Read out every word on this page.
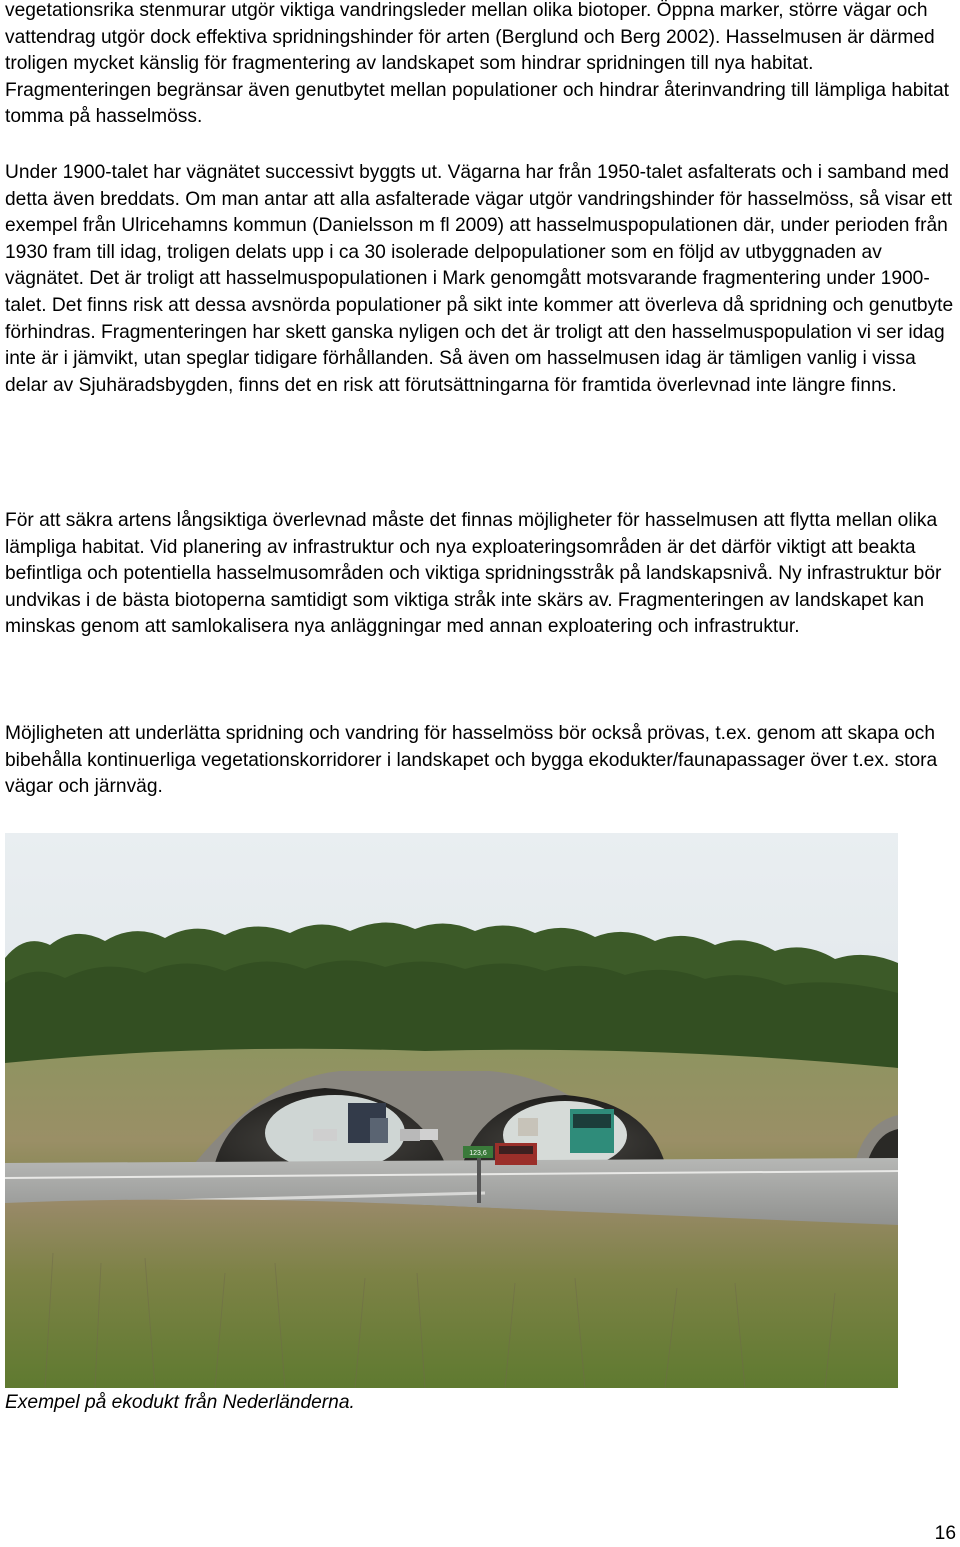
vegetationsrika stenmurar utgör viktiga vandringsleder mellan olika biotoper. Öppna marker, större vägar och vattendrag utgör dock effektiva spridningshinder för arten (Berglund och Berg 2002). Hasselmusen är därmed troligen mycket känslig för fragmentering av landskapet som hindrar spridningen till nya habitat. Fragmenteringen begränsar även genutbytet mellan populationer och hindrar återinvandring till lämpliga habitat tomma på hasselmöss.

Under 1900-talet har vägnätet successivt byggts ut. Vägarna har från 1950-talet asfalterats och i samband med detta även breddats. Om man antar att alla asfalterade vägar utgör vandringshinder för hasselmöss, så visar ett exempel från Ulricehamns kommun (Danielsson m fl 2009) att hasselmuspopulationen där, under perioden från 1930 fram till idag, troligen delats upp i ca 30 isolerade delpopulationer som en följd av utbyggnaden av vägnätet. Det är troligt att hasselmuspopulationen i Mark genomgått motsvarande fragmentering under 1900-talet. Det finns risk att dessa avsnörda populationer på sikt inte kommer att överleva då spridning och genutbyte förhindras. Fragmenteringen har skett ganska nyligen och det är troligt att den hasselmuspopulation vi ser idag inte är i jämvikt, utan speglar tidigare förhållanden. Så även om hasselmusen idag är tämligen vanlig i vissa delar av Sjuhäradsbygden, finns det en risk att förutsättningarna för framtida överlevnad inte längre finns.

För att säkra artens långsiktiga överlevnad måste det finnas möjligheter för hasselmusen att flytta mellan olika lämpliga habitat. Vid planering av infrastruktur och nya exploateringsområden är det därför viktigt att beakta befintliga och potentiella hasselmusområden och viktiga spridningsstråk på landskapsnivå. Ny infrastruktur bör undvikas i de bästa biotoperna samtidigt som viktiga stråk inte skärs av. Fragmenteringen av landskapet kan minskas genom att samlokalisera nya anläggningar med annan exploatering och infrastruktur.

Möjligheten att underlätta spridning och vandring för hasselmöss bör också prövas, t.ex. genom att skapa och bibehålla kontinuerliga vegetationskorridorer i landskapet och bygga ekodukter/faunapassager över t.ex. stora vägar och järnväg.

123,6

Exempel på ekodukt från Nederländerna.

16
